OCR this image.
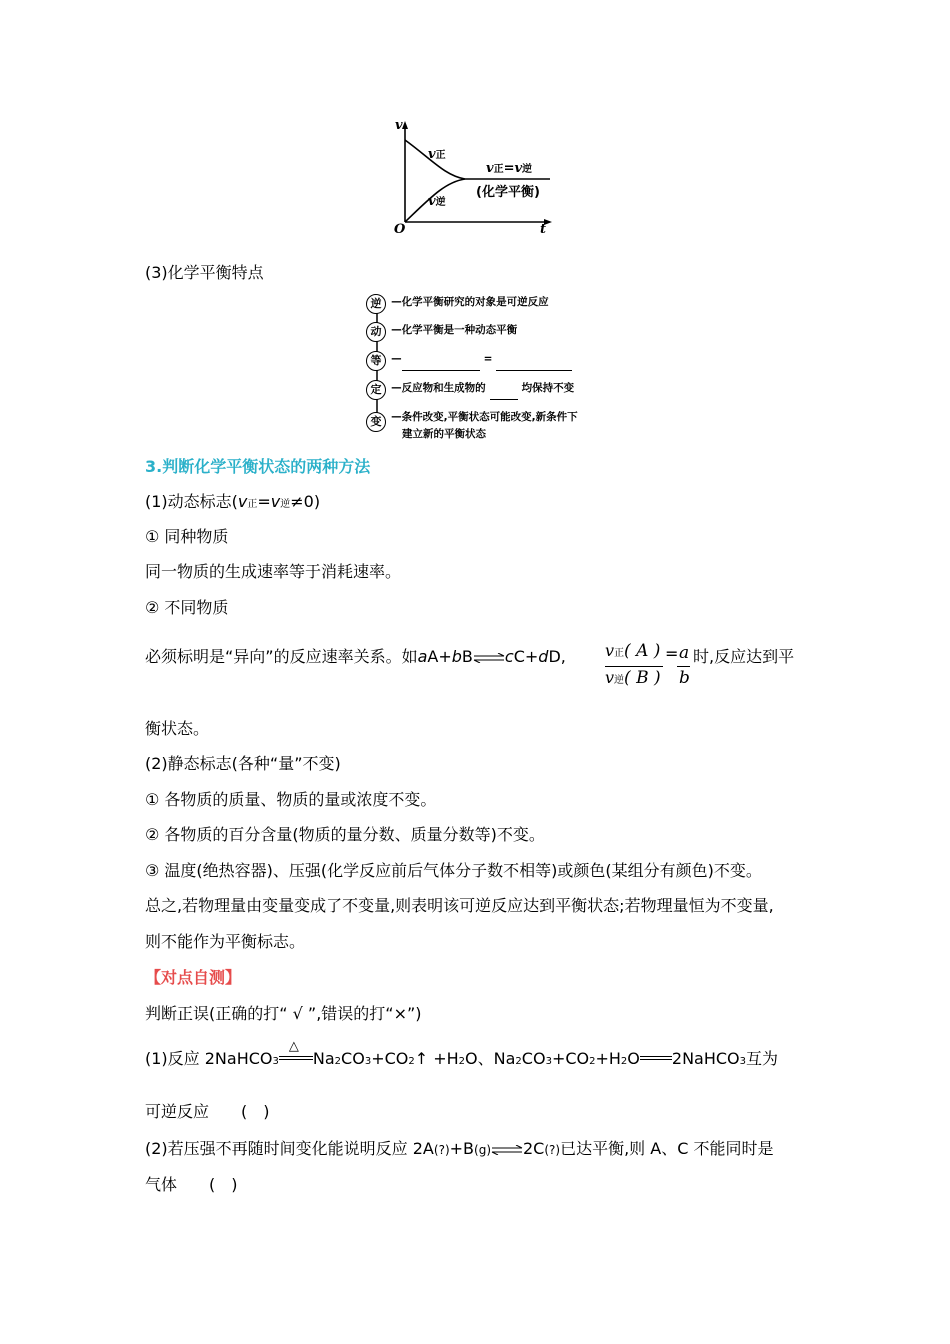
v
t
O
v正
v逆
v正=v逆
(化学平衡)
(3)化学平衡特点
逆 $^{—化学平衡研究的对象是可逆反应}$
动 $^{—化学平衡是一种动态平衡}$
等 —	=
定 $^{—反应物和生成物的}$	$^{均保持不变}$
变 $^{—条件改变,平衡状态可能改变,新条件下}$
建立新的平衡状态
3.判断化学平衡状态的两种方法
(1)动态标志(v正=v逆≠0)
① 同种物质
同一物质的生成速率等于消耗速率。
② 不同物质
必须标明是“异向”的反应速率关系。如aA+bB⇌cC+dD, v正( A )
v逆( B )
= a
b
时,反应达到平
衡状态。
(2)静态标志(各种“量”不变)
① 各物质的质量、物质的量或浓度不变。
② 各物质的百分含量(物质的量分数、质量分数等)不变。
③ 温度(绝热容器)、压强(化学反应前后气体分子数不相等)或颜色(某组分有颜色)不变。
总之,若物理量由变量变成了不变量,则表明该可逆反应达到平衡状态;若物理量恒为不变量,
则不能作为平衡标志。
【对点自测】
判断正误(正确的打“ √ ”,错误的打“×”)
(1)反应 2NaHCO3
△
Na2CO3+CO2↑ +H2O、Na2CO3+CO2+H2O 2NaHCO3互为
可逆反应　　(　)
(2)若压强不再随时间变化能说明反应 2A(?)+B(g)⇌2C(?)已达平衡,则 A、C 不能同时是
气体　　(　)
